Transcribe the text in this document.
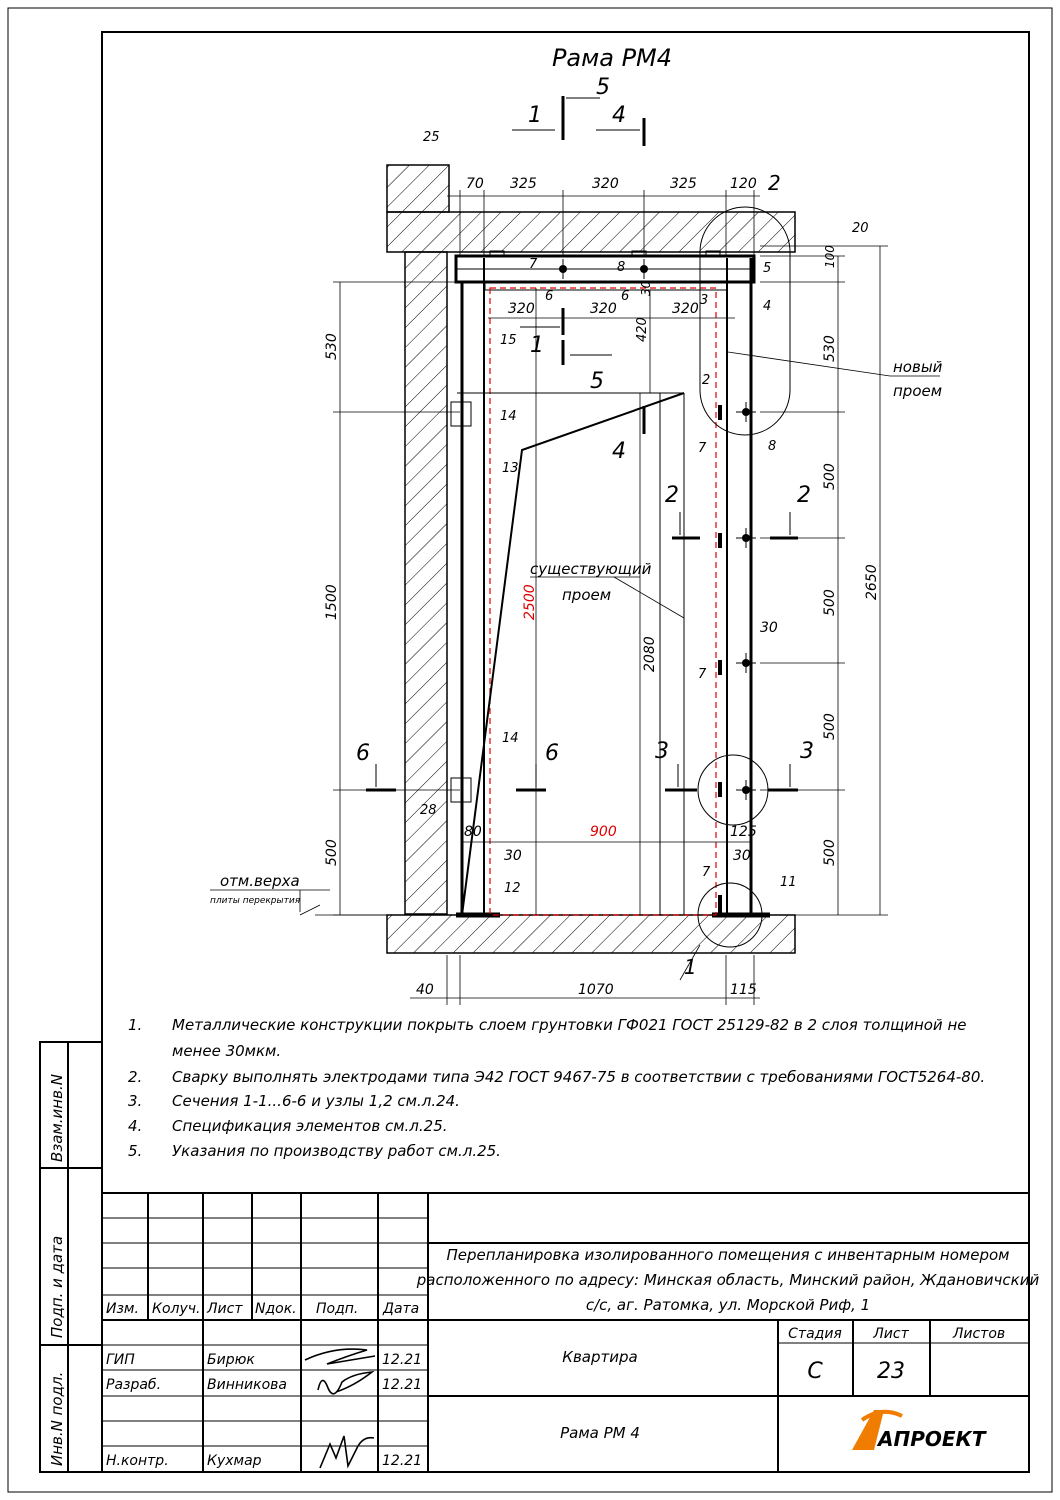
Рама РМ4
5
1	4
1
5
4
2	2
6	6	3	3
25
70 325	320	325 120 2
20
320	320	320
420
30
100
530
1500
500
530
500
500
500
500
2650
40	1070	115
80
30
125
30
30
2080
28
2500
900
7	8
6	6	3
5
4
15
2
14
13
7
7
14
12
7
11
1
8
новый
проем
существующий
проем
отм.верха
плиты перекрытия
1. Металлические конструкции покрыть слоем грунтовки ГФ021 ГОСТ 25129-82 в 2 слоя толщиной не
менее 30мкм.
2. Сварку выполнять электродами типа Э42 ГОСТ 9467-75 в соответствии с требованиями ГОСТ5264-80.
3. Сечения 1-1...6-6 и узлы 1,2 см.л.24.
4. Спецификация элементов см.л.25.
5. Указания по производству работ см.л.25.
Взам.инв.N
Подп. и дата
Инв.N подл.
Перепланировка изолированного помещения с инвентарным номером
расположенного по адресу: Минская область, Минский район, Ждановичский
с/с, аг. Ратомка, ул. Морской Риф, 1
Изм. Колуч. Лист Nдок. Подп. Дата
ГИП	Бирюк	12.21
Разраб.	Винникова	12.21
Н.контр.	Кухмар	12.21
Квартира
Рама РМ 4
Стадия Лист	Листов
С 23
АПРОЕКТ
